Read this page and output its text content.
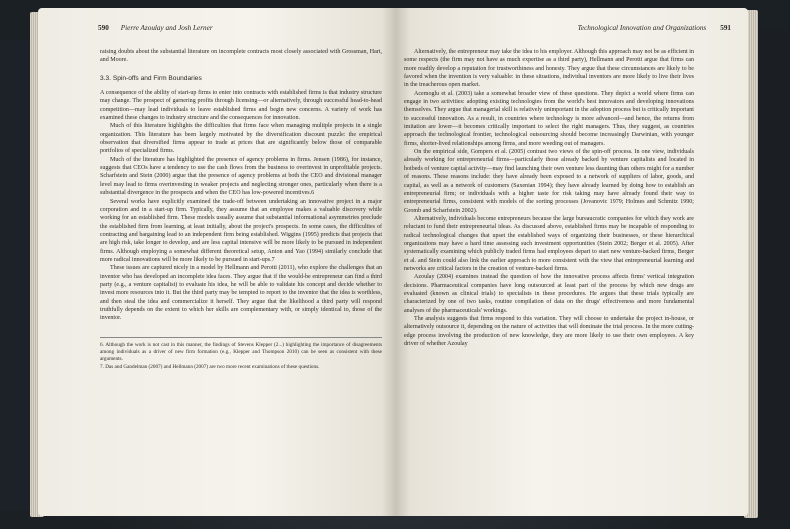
590 Pierre Azoulay and Josh Lerner

raising doubts about the substantial literature on incomplete contracts most closely associated with Grossman, Hart, and Moore.

3.3. Spin-offs and Firm Boundaries

A consequence of the ability of start-up firms to enter into contracts with established firms is that industry structure may change. The prospect of garnering profits through licensing—or alternatively, through successful head-to-head competition—may lead individuals to leave established firms and begin new concerns. A variety of work has examined these changes to industry structure and the consequences for innovation.

Much of this literature highlights the difficulties that firms face when managing multiple projects in a single organization. This literature has been largely motivated by the diversification discount puzzle: the empirical observation that diversified firms appear to trade at prices that are significantly below those of comparable portfolios of specialized firms.

Much of the literature has highlighted the presence of agency problems in firms. Jensen (1986), for instance, suggests that CEOs have a tendency to use the cash flows from the business to overinvest in unprofitable projects. Scharfstein and Stein (2000) argue that the presence of agency problems at both the CEO and divisional manager level may lead to firms overinvesting in weaker projects and neglecting stronger ones, particularly when there is a substantial divergence in the prospects and when the CEO has low-powered incentives.6

Several works have explicitly examined the trade-off between undertaking an innovative project in a major corporation and in a start-up firm. Typically, they assume that an employee makes a valuable discovery while working for an established firm. These models usually assume that substantial informational asymmetries preclude the established firm from learning, at least initially, about the project's prospects. In some cases, the difficulties of contracting and bargaining lead to an independent firm being established. Wiggins (1995) predicts that projects that are high risk, take longer to develop, and are less capital intensive will be more likely to be pursued in independent firms. Although employing a somewhat different theoretical setup, Anton and Yao (1994) similarly conclude that more radical innovations will be more likely to be pursued in start-ups.7

These issues are captured nicely in a model by Hellmann and Perotti (2011), who explore the challenges that an inventor who has developed an incomplete idea faces. They argue that if the would-be entrepreneur can find a third party (e.g., a venture capitalist) to evaluate his idea, he will be able to validate his concept and decide whether to invest more resources into it. But the third party may be tempted to report to the inventor that the idea is worthless, and then steal the idea and commercialize it herself. They argue that the likelihood a third party will respond truthfully depends on the extent to which her skills are complementary with, or simply identical to, those of the inventor.

6. Although the work is not cast in this manner, the findings of Stevens Klepper (2...) highlighting the importance of disagreements among individuals as a driver of new firm formation (e.g., Klepper and Thompson 2010) can be seen as consistent with these arguments.

7. Das and Gandelman (2007) and Hellmann (2007) are two more recent examinations of these questions.

Technological Innovation and Organizations 591

Alternatively, the entrepreneur may take the idea to his employer. Although this approach may not be as efficient in some respects (the firm may not have as much expertise as a third party), Hellmann and Perotti argue that firms can more readily develop a reputation for trustworthiness and honesty. They argue that these circumstances are likely to be favored when the invention is very valuable: in these situations, individual inventors are more likely to live their lives in the treacherous open market.

Acemoglu et al. (2003) take a somewhat broader view of these questions. They depict a world where firms can engage in two activities: adopting existing technologies from the world's best innovators and developing innovations themselves. They argue that managerial skill is relatively unimportant in the adoption process but is critically important to successful innovation. As a result, in countries where technology is more advanced—and hence, the returns from imitation are lower—it becomes critically important to select the right managers. Thus, they suggest, as countries approach the technological frontier, technological outsourcing should become increasingly Darwinian, with younger firms, shorter-lived relationships among firms, and more weeding out of managers.

On the empirical side, Gompers et al. (2005) contrast two views of the spin-off process. In one view, individuals already working for entrepreneurial firms—particularly those already backed by venture capitalists and located in hotbeds of venture capital activity—may find launching their own venture less daunting than others might for a number of reasons. These reasons include: they have already been exposed to a network of suppliers of labor, goods, and capital, as well as a network of customers (Saxenian 1994); they have already learned by doing how to establish an entrepreneurial firm; or individuals with a higher taste for risk taking may have already found their way to entrepreneurial firms, consistent with models of the sorting processes (Jovanovic 1979; Holmes and Schmitz 1990; Gromb and Scharfstein 2002).

Alternatively, individuals become entrepreneurs because the large bureaucratic companies for which they work are reluctant to fund their entrepreneurial ideas. As discussed above, established firms may be incapable of responding to radical technological changes that upset the established ways of organizing their businesses, or these hierarchical organizations may have a hard time assessing such investment opportunities (Stein 2002; Berger et al. 2005). After systematically examining which publicly traded firms had employees depart to start new venture-backed firms, Berger et al. and Stein could also link the earlier approach to more consistent with the view that entrepreneurial learning and networks are critical factors in the creation of venture-backed firms.

Azoulay (2004) examines instead the question of how the innovative process affects firms' vertical integration decisions. Pharmaceutical companies have long outsourced at least part of the process by which new drugs are evaluated (known as clinical trials) to specialists in these procedures. He argues that these trials typically are characterized by one of two tasks, routine compilation of data on the drugs' effectiveness and more fundamental analyses of the pharmaceuticals' workings.

The analysis suggests that firms respond to this variation. They will choose to undertake the project in-house, or alternatively outsource it, depending on the nature of activities that will dominate the trial process. In the more cutting-edge process involving the production of new knowledge, they are more likely to use their own employees. A key driver of whether Azoulay
